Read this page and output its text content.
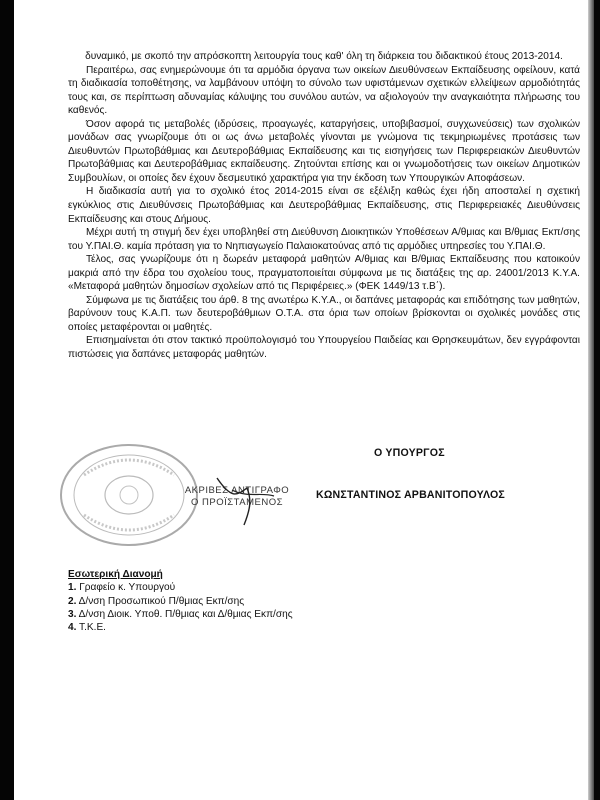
δυναμικό, με σκοπό την απρόσκοπτη λειτουργία τους καθ' όλη τη διάρκεια του διδακτικού έτους 2013-2014.

Περαιτέρω, σας ενημερώνουμε ότι τα αρμόδια όργανα των οικείων Διευθύνσεων Εκπαίδευσης οφείλουν, κατά τη διαδικασία τοποθέτησης, να λαμβάνουν υπόψη το σύνολο των υφιστάμενων σχετικών ελλείψεων αρμοδιότητάς τους και, σε περίπτωση αδυναμίας κάλυψης του συνόλου αυτών, να αξιολογούν την αναγκαιότητα πλήρωσης του καθενός.

Όσον αφορά τις μεταβολές (ιδρύσεις, προαγωγές, καταργήσεις, υποβιβασμοί, συγχωνεύσεις) των σχολικών μονάδων σας γνωρίζουμε ότι οι ως άνω μεταβολές γίνονται με γνώμονα τις τεκμηριωμένες προτάσεις των Διευθυντών Πρωτοβάθμιας και Δευτεροβάθμιας Εκπαίδευσης και τις εισηγήσεις των Περιφερειακών Διευθυντών Πρωτοβάθμιας και Δευτεροβάθμιας εκπαίδευσης. Ζητούνται επίσης και οι γνωμοδοτήσεις των οικείων Δημοτικών Συμβουλίων, οι οποίες δεν έχουν δεσμευτικό χαρακτήρα για την έκδοση των Υπουργικών Αποφάσεων.

Η διαδικασία αυτή για το σχολικό έτος 2014-2015 είναι σε εξέλιξη καθώς έχει ήδη αποσταλεί η σχετική εγκύκλιος στις Διευθύνσεις Πρωτοβάθμιας και Δευτεροβάθμιας Εκπαίδευσης, στις Περιφερειακές Διευθύνσεις Εκπαίδευσης και στους Δήμους.

Μέχρι αυτή τη στιγμή δεν έχει υποβληθεί στη Διεύθυνση Διοικητικών Υποθέσεων Α/θμιας και Β/θμιας Εκπ/σης του Υ.ΠΑΙ.Θ. καμία πρόταση για το Νηπιαγωγείο Παλαιοκατούνας από τις αρμόδιες υπηρεσίες του Υ.ΠΑΙ.Θ.

Τέλος, σας γνωρίζουμε ότι η δωρεάν μεταφορά μαθητών Α/θμιας και Β/θμιας Εκπαίδευσης που κατοικούν μακριά από την έδρα του σχολείου τους, πραγματοποιείται σύμφωνα με τις διατάξεις της αρ. 24001/2013 Κ.Υ.Α. «Μεταφορά μαθητών δημοσίων σχολείων από τις Περιφέρειες.» (ΦΕΚ 1449/13 τ.Β΄).

Σύμφωνα με τις διατάξεις του άρθ. 8 της ανωτέρω Κ.Υ.Α., οι δαπάνες μεταφοράς και επιδότησης των μαθητών, βαρύνουν τους Κ.Α.Π. των δευτεροβάθμιων Ο.Τ.Α. στα όρια των οποίων βρίσκονται οι σχολικές μονάδες στις οποίες μεταφέρονται οι μαθητές.

Επισημαίνεται ότι στον τακτικό προϋπολογισμό του Υπουργείου Παιδείας και Θρησκευμάτων, δεν εγγράφονται πιστώσεις για δαπάνες μεταφοράς μαθητών.

Ο ΥΠΟΥΡΓΟΣ
ΑΚΡΙΒΕΣ ΑΝΤΙΓΡΑΦΟ
Ο ΠΡΟΪΣΤΑΜΕΝΟΣ
ΚΩΝΣΤΑΝΤΙΝΟΣ ΑΡΒΑΝΙΤΟΠΟΥΛΟΣ
Εσωτερική Διανομή
1. Γραφείο κ. Υπουργού
2. Δ/νση Προσωπικού Π/θμιας Εκπ/σης
3. Δ/νση Διοικ. Υποθ. Π/θμιας και Δ/θμιας Εκπ/σης
4. Τ.Κ.Ε.
